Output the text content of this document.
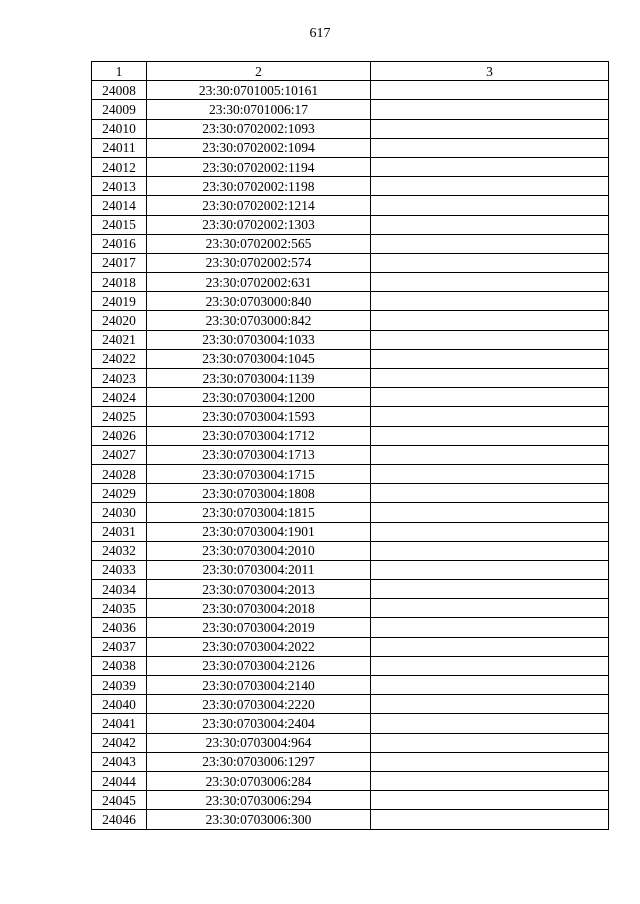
617
1	2	3
24008	23:30:0701005:10161	
24009	23:30:0701006:17	
24010	23:30:0702002:1093	
24011	23:30:0702002:1094	
24012	23:30:0702002:1194	
24013	23:30:0702002:1198	
24014	23:30:0702002:1214	
24015	23:30:0702002:1303	
24016	23:30:0702002:565	
24017	23:30:0702002:574	
24018	23:30:0702002:631	
24019	23:30:0703000:840	
24020	23:30:0703000:842	
24021	23:30:0703004:1033	
24022	23:30:0703004:1045	
24023	23:30:0703004:1139	
24024	23:30:0703004:1200	
24025	23:30:0703004:1593	
24026	23:30:0703004:1712	
24027	23:30:0703004:1713	
24028	23:30:0703004:1715	
24029	23:30:0703004:1808	
24030	23:30:0703004:1815	
24031	23:30:0703004:1901	
24032	23:30:0703004:2010	
24033	23:30:0703004:2011	
24034	23:30:0703004:2013	
24035	23:30:0703004:2018	
24036	23:30:0703004:2019	
24037	23:30:0703004:2022	
24038	23:30:0703004:2126	
24039	23:30:0703004:2140	
24040	23:30:0703004:2220	
24041	23:30:0703004:2404	
24042	23:30:0703004:964	
24043	23:30:0703006:1297	
24044	23:30:0703006:284	
24045	23:30:0703006:294	
24046	23:30:0703006:300	
